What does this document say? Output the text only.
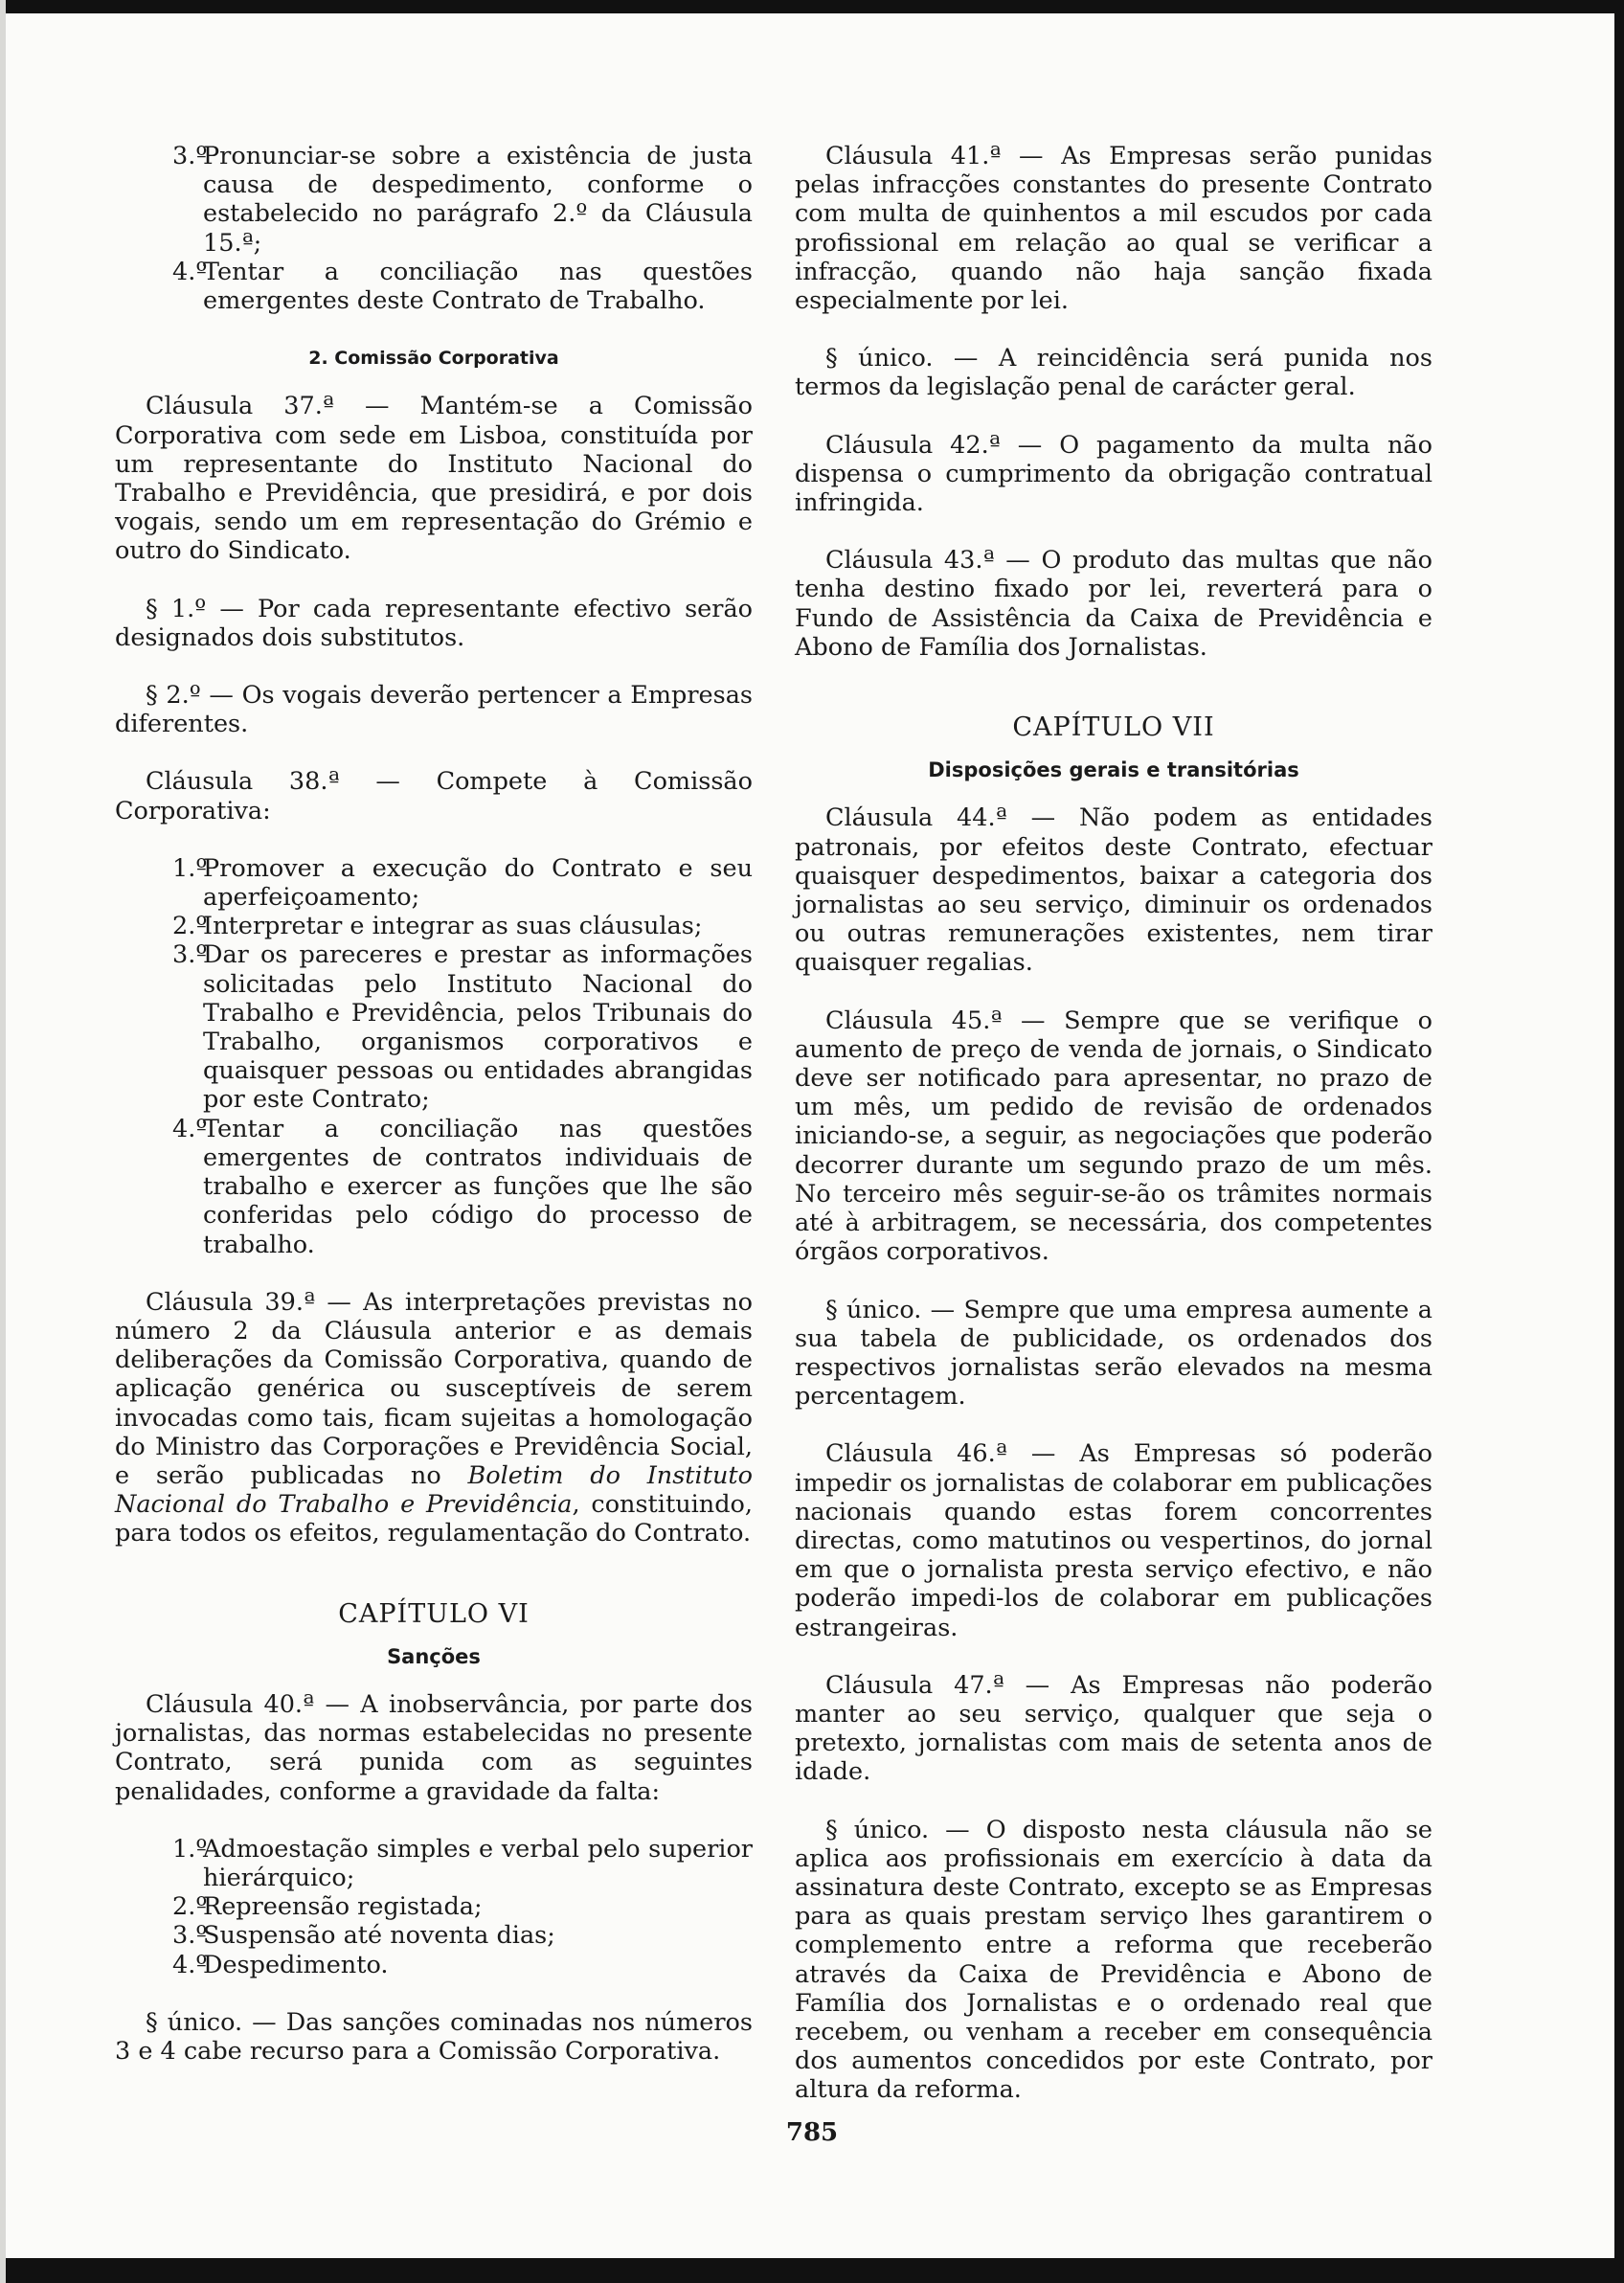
3.º
Pronunciar-se sobre a existência de justa causa de despedimento, conforme o estabelecido no parágrafo 2.º da Cláusula 15.ª;
4.º
Tentar a conciliação nas questões emergentes deste Contrato de Trabalho.
2. Comissão Corporativa

Cláusula 37.ª — Mantém-se a Comissão Corporativa com sede em Lisboa, constituída por um representante do Instituto Nacional do Trabalho e Previdência, que presidirá, e por dois vogais, sendo um em representação do Grémio e outro do Sindicato.

§ 1.º — Por cada representante efectivo serão designados dois substitutos.

§ 2.º — Os vogais deverão pertencer a Empresas diferentes.

Cláusula 38.ª — Compete à Comissão Corporativa:

1.º
Promover a execução do Contrato e seu aperfeiçoamento;
2.º
Interpretar e integrar as suas cláusulas;
3.º
Dar os pareceres e prestar as informações solicitadas pelo Instituto Nacional do Trabalho e Previdência, pelos Tribunais do Trabalho, organismos corporativos e quaisquer pessoas ou entidades abrangidas por este Contrato;
4.º
Tentar a conciliação nas questões emergentes de contratos individuais de trabalho e exercer as funções que lhe são conferidas pelo código do processo de trabalho.

Cláusula 39.ª — As interpretações previstas no número 2 da Cláusula anterior e as demais deliberações da Comissão Corporativa, quando de aplicação genérica ou susceptíveis de serem invocadas como tais, ficam sujeitas a homologação do Ministro das Corporações e Previdência Social, e serão publicadas no Boletim do Instituto Nacional do Trabalho e Previdência, constituindo, para todos os efeitos, regulamentação do Contrato.

CAPÍTULO VI
Sanções

Cláusula 40.ª — A inobservância, por parte dos jornalistas, das normas estabelecidas no presente Contrato, será punida com as seguintes penalidades, conforme a gravidade da falta:

1.º
Admoestação simples e verbal pelo superior hierárquico;
2.º
Repreensão registada;
3.º
Suspensão até noventa dias;
4.º
Despedimento.

§ único. — Das sanções cominadas nos números 3 e 4 cabe recurso para a Comissão Corporativa.

Cláusula 41.ª — As Empresas serão punidas pelas infracções constantes do presente Contrato com multa de quinhentos a mil escudos por cada profissional em relação ao qual se verificar a infracção, quando não haja sanção fixada especialmente por lei.

§ único. — A reincidência será punida nos termos da legislação penal de carácter geral.

Cláusula 42.ª — O pagamento da multa não dispensa o cumprimento da obrigação contratual infringida.

Cláusula 43.ª — O produto das multas que não tenha destino fixado por lei, reverterá para o Fundo de Assistência da Caixa de Previdência e Abono de Família dos Jornalistas.

CAPÍTULO VII
Disposições gerais e transitórias

Cláusula 44.ª — Não podem as entidades patronais, por efeitos deste Contrato, efectuar quaisquer despedimentos, baixar a categoria dos jornalistas ao seu serviço, diminuir os ordenados ou outras remunerações existentes, nem tirar quaisquer regalias.

Cláusula 45.ª — Sempre que se verifique o aumento de preço de venda de jornais, o Sindicato deve ser notificado para apresentar, no prazo de um mês, um pedido de revisão de ordenados iniciando-se, a seguir, as negociações que poderão decorrer durante um segundo prazo de um mês. No terceiro mês seguir-se-ão os trâmites normais até à arbitragem, se necessária, dos competentes órgãos corporativos.

§ único. — Sempre que uma empresa aumente a sua tabela de publicidade, os ordenados dos respectivos jornalistas serão elevados na mesma percentagem.

Cláusula 46.ª — As Empresas só poderão impedir os jornalistas de colaborar em publicações nacionais quando estas forem concorrentes directas, como matutinos ou vespertinos, do jornal em que o jornalista presta serviço efectivo, e não poderão impedi-los de colaborar em publicações estrangeiras.

Cláusula 47.ª — As Empresas não poderão manter ao seu serviço, qualquer que seja o pretexto, jornalistas com mais de setenta anos de idade.

§ único. — O disposto nesta cláusula não se aplica aos profissionais em exercício à data da assinatura deste Contrato, excepto se as Empresas para as quais prestam serviço lhes garantirem o complemento entre a reforma que receberão através da Caixa de Previdência e Abono de Família dos Jornalistas e o ordenado real que recebem, ou venham a receber em consequência dos aumentos concedidos por este Contrato, por altura da reforma.

785
